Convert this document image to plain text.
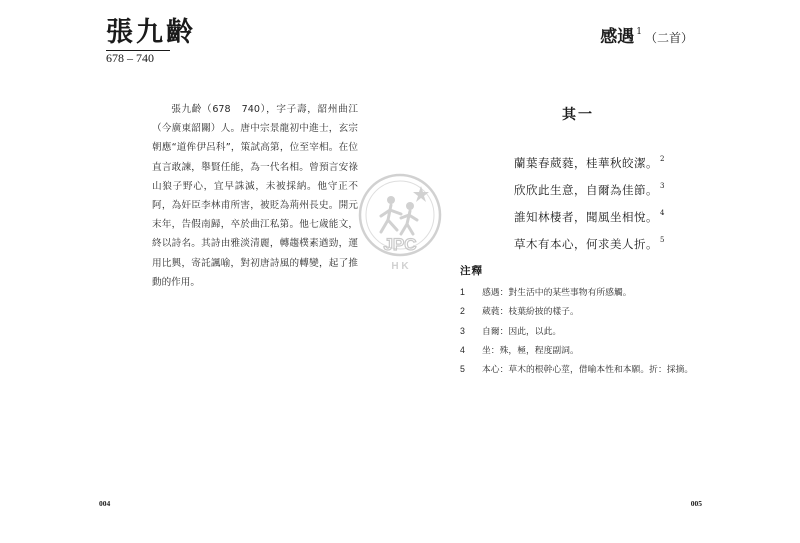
張九齡
678 – 740

張九齡（678　740），字子壽，韶州曲江（今廣東韶關）人。唐中宗景龍初中進士，玄宗朝應“道侔伊呂科”，策試高第，位至宰相。在位直言敢諫，舉賢任能，為一代名相。曾預言安祿山狼子野心，宜早誅滅，未被採納。他守正不阿，為奸臣李林甫所害，被貶為荊州長史。開元末年，告假南歸，卒於曲江私第。他七歲能文，終以詩名。其詩由雅淡清麗，轉趨樸素遒勁，運用比興，寄託諷喻，對初唐詩風的轉變，起了推動的作用。

004
感遇 $^1$ （二首）
其一
蘭葉春葳蕤，桂華秋皎潔。 $^2$
欣欣此生意，自爾為佳節。 $^3$
誰知林棲者，聞風坐相悅。 $^4$
草木有本心，何求美人折。 $^5$
注釋
1 感遇：對生活中的某些事物有所感觸。
2 葳蕤：枝葉紛披的樣子。
3 自爾：因此，以此。
4 坐：殊，極，程度副詞。
5 本心：草木的根幹心莖，借喻本性和本願。折：採摘。
005
JPC
H K
